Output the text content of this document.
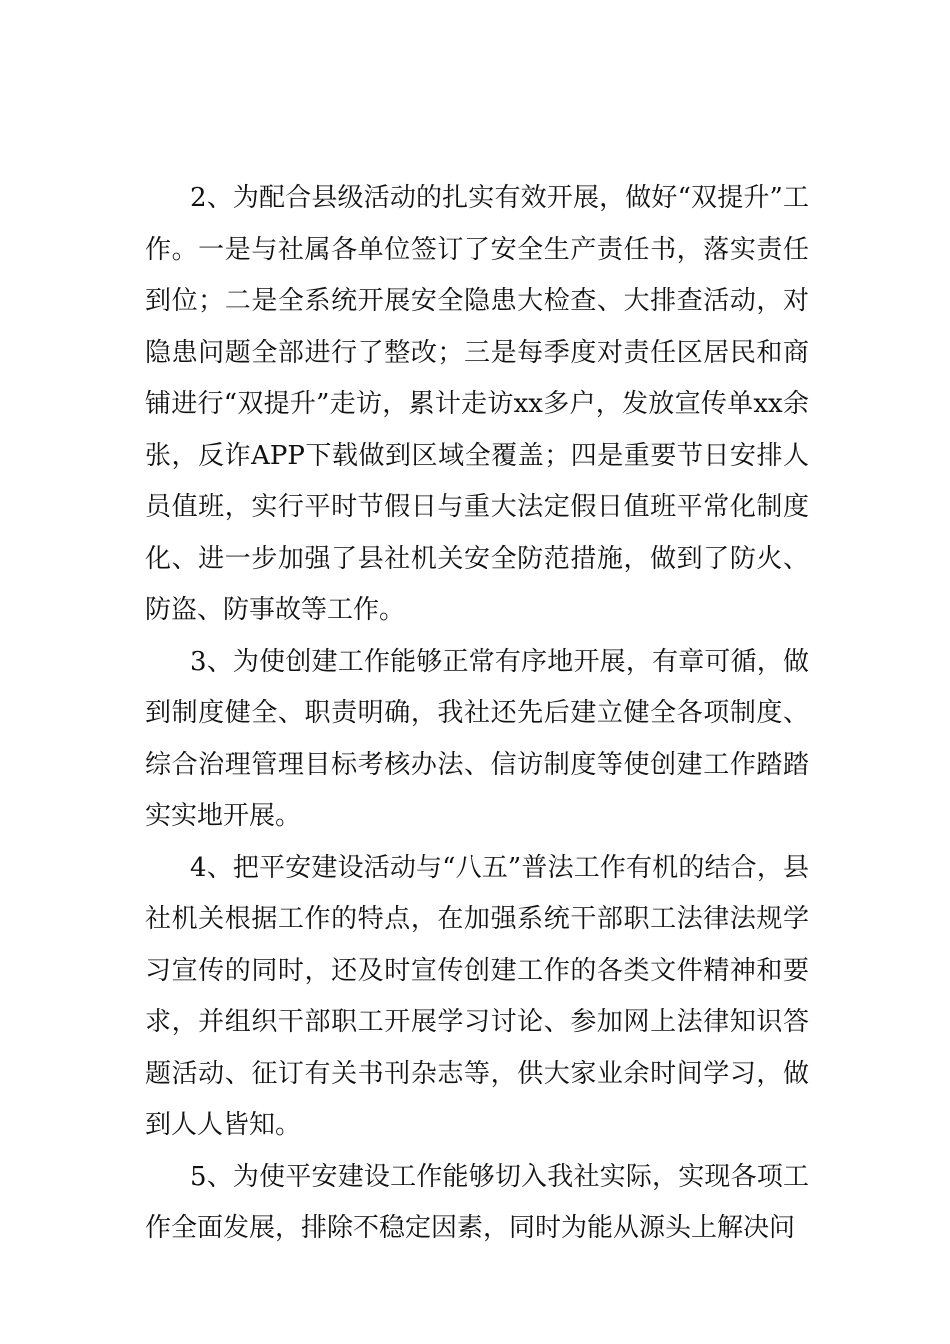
2、为配合县级活动的扎实有效开展，做好“双提升”工作。一是与社属各单位签订了安全生产责任书，落实责任到位；二是全系统开展安全隐患大检查、大排查活动，对隐患问题全部进行了整改；三是每季度对责任区居民和商铺进行“双提升”走访，累计走访xx多户，发放宣传单xx余张，反诈APP下载做到区域全覆盖；四是重要节日安排人员值班，实行平时节假日与重大法定假日值班平常化制度化、进一步加强了县社机关安全防范措施，做到了防火、防盗、防事故等工作。

3、为使创建工作能够正常有序地开展，有章可循，做到制度健全、职责明确，我社还先后建立健全各项制度、综合治理管理目标考核办法、信访制度等使创建工作踏踏实实地开展。

4、把平安建设活动与“八五”普法工作有机的结合，县社机关根据工作的特点，在加强系统干部职工法律法规学习宣传的同时，还及时宣传创建工作的各类文件精神和要求，并组织干部职工开展学习讨论、参加网上法律知识答题活动、征订有关书刊杂志等，供大家业余时间学习，做到人人皆知。

5、为使平安建设工作能够切入我社实际，实现各项工作全面发展，排除不稳定因素，同时为能从源头上解决问
